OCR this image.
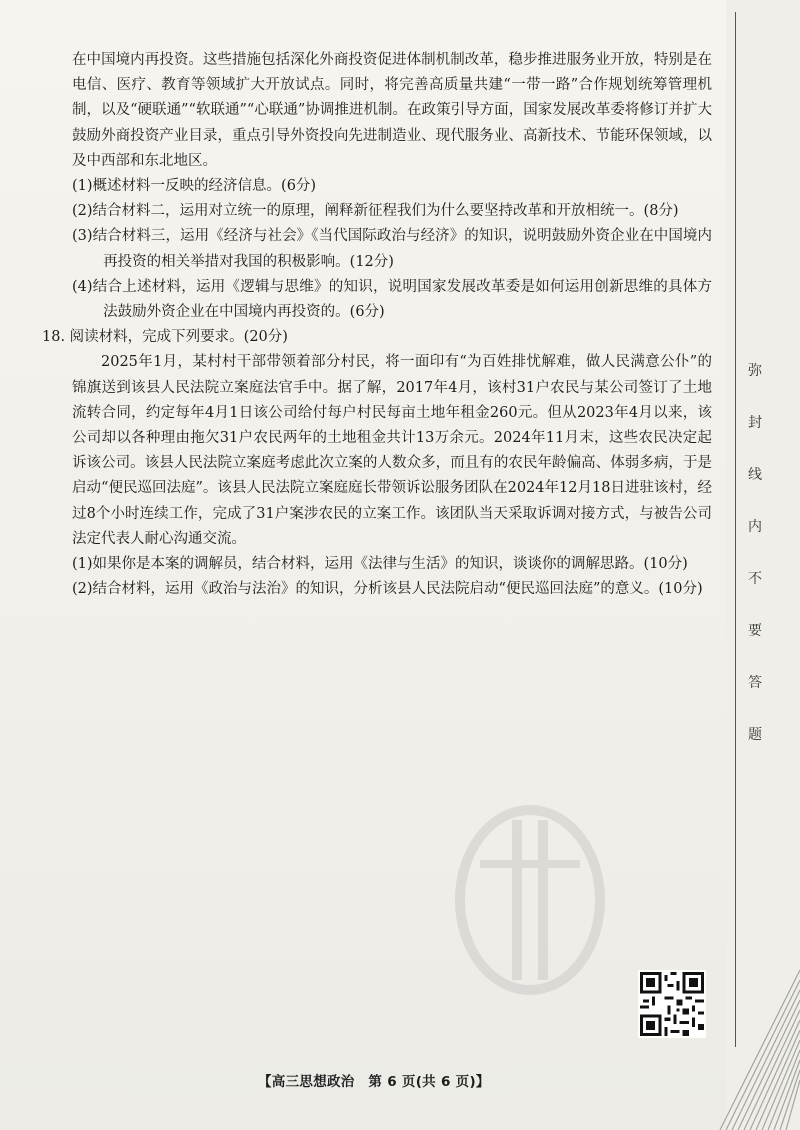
在中国境内再投资。这些措施包括深化外商投资促进体制机制改革，稳步推进服务业开放，特别是在电信、医疗、教育等领域扩大开放试点。同时，将完善高质量共建“一带一路”合作规划统筹管理机制，以及“硬联通”“软联通”“心联通”协调推进机制。在政策引导方面，国家发展改革委将修订并扩大鼓励外商投资产业目录，重点引导外资投向先进制造业、现代服务业、高新技术、节能环保领域，以及中西部和东北地区。

(1)概述材料一反映的经济信息。(6分)

(2)结合材料二，运用对立统一的原理，阐释新征程我们为什么要坚持改革和开放相统一。(8分)

(3)结合材料三，运用《经济与社会》《当代国际政治与经济》的知识，说明鼓励外资企业在中国境内再投资的相关举措对我国的积极影响。(12分)

(4)结合上述材料，运用《逻辑与思维》的知识，说明国家发展改革委是如何运用创新思维的具体方法鼓励外资企业在中国境内再投资的。(6分)

18. 阅读材料，完成下列要求。(20分)

2025年1月，某村村干部带领着部分村民，将一面印有“为百姓排忧解难，做人民满意公仆”的锦旗送到该县人民法院立案庭法官手中。据了解，2017年4月，该村31户农民与某公司签订了土地流转合同，约定每年4月1日该公司给付每户村民每亩土地年租金260元。但从2023年4月以来，该公司却以各种理由拖欠31户农民两年的土地租金共计13万余元。2024年11月末，这些农民决定起诉该公司。该县人民法院立案庭考虑此次立案的人数众多，而且有的农民年龄偏高、体弱多病，于是启动“便民巡回法庭”。该县人民法院立案庭庭长带领诉讼服务团队在2024年12月18日进驻该村，经过8个小时连续工作，完成了31户案涉农民的立案工作。该团队当天采取诉调对接方式，与被告公司法定代表人耐心沟通交流。

(1)如果你是本案的调解员，结合材料，运用《法律与生活》的知识，谈谈你的调解思路。(10分)

(2)结合材料，运用《政治与法治》的知识，分析该县人民法院启动“便民巡回法庭”的意义。(10分)

弥
封
线
内
不
要
答
题
【高三思想政治　第 6 页(共 6 页)】
